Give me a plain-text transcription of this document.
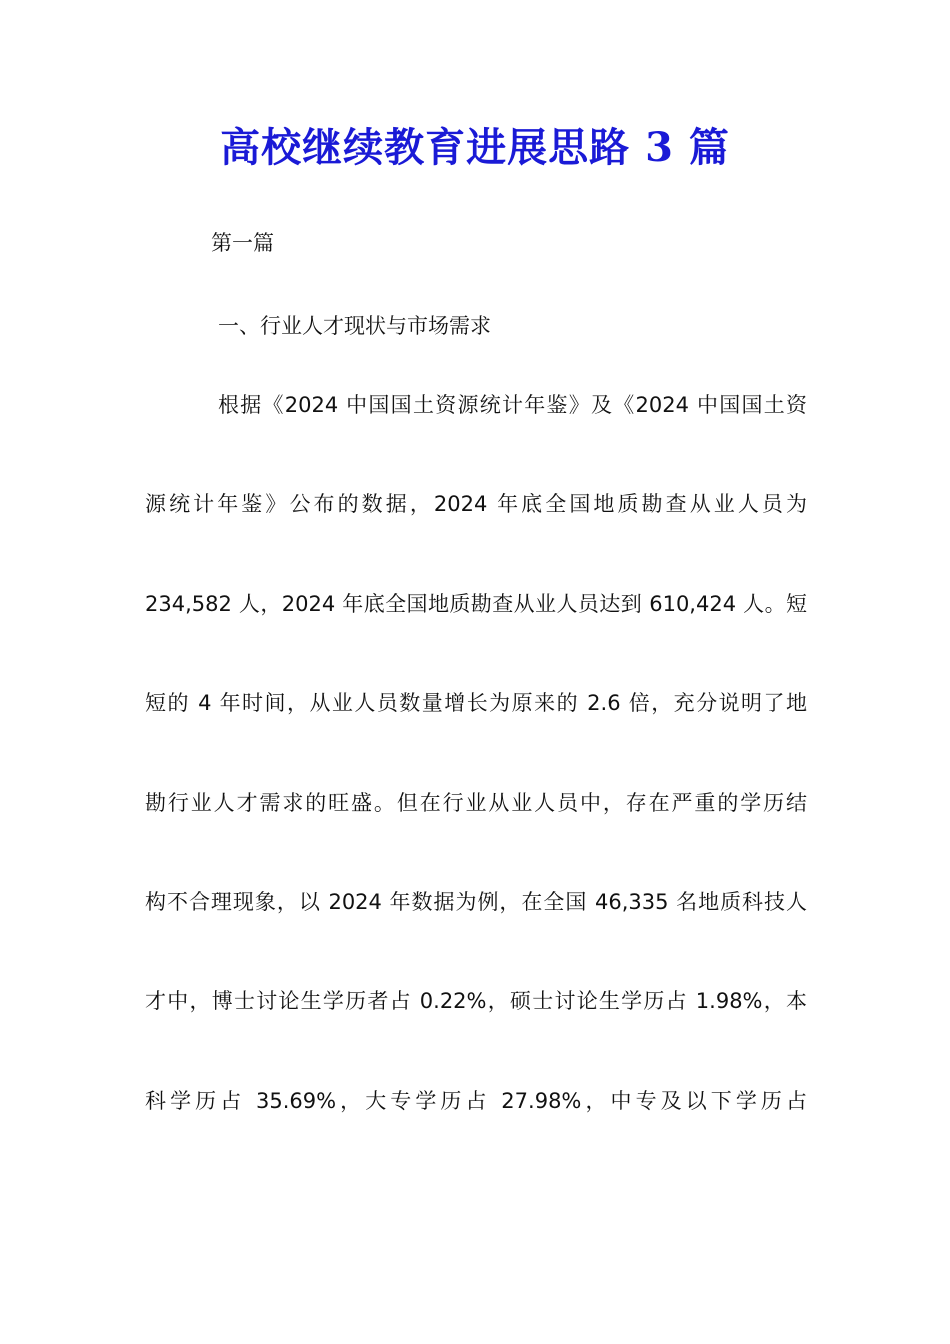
高校继续教育进展思路 3 篇
第一篇
一、行业人才现状与市场需求
根据《2024 中国国土资源统计年鉴》及《2024 中国国土资
源统计年鉴》公布的数据，2024 年底全国地质勘查从业人员为
234,582 人，2024 年底全国地质勘查从业人员达到 610,424 人。短
短的 4 年时间，从业人员数量增长为原来的 2.6 倍，充分说明了地
勘行业人才需求的旺盛。但在行业从业人员中，存在严重的学历结
构不合理现象，以 2024 年数据为例，在全国 46,335 名地质科技人
才中，博士讨论生学历者占 0.22%，硕士讨论生学历占 1.98%，本
科学历占 35.69%，大专学历占 27.98%，中专及以下学历占
